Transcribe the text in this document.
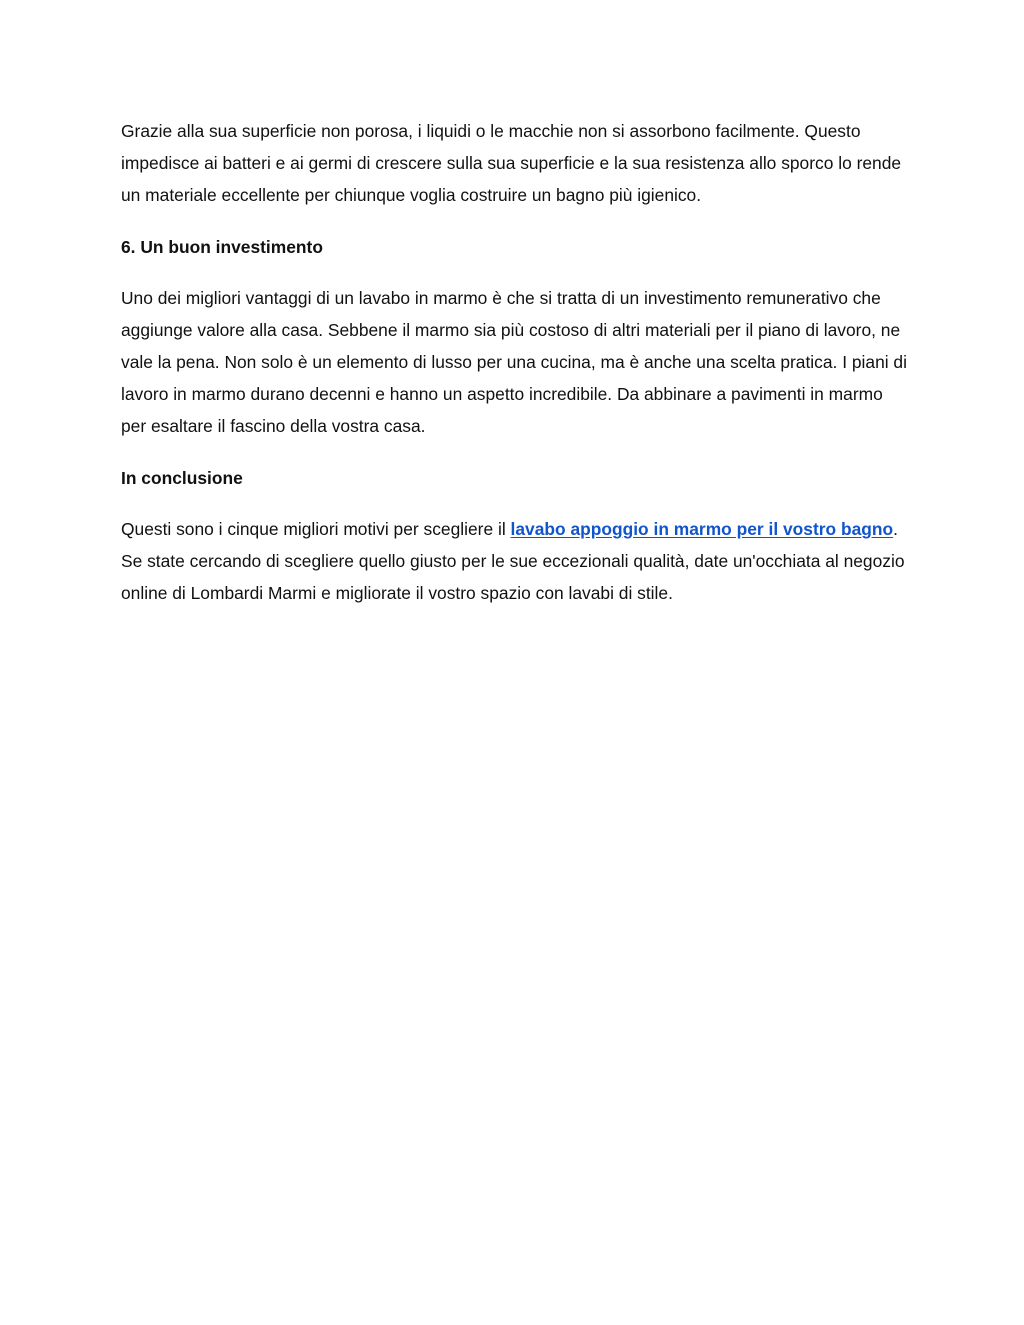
Grazie alla sua superficie non porosa, i liquidi o le macchie non si assorbono facilmente. Questo impedisce ai batteri e ai germi di crescere sulla sua superficie e la sua resistenza allo sporco lo rende un materiale eccellente per chiunque voglia costruire un bagno più igienico.

6. Un buon investimento

Uno dei migliori vantaggi di un lavabo in marmo è che si tratta di un investimento remunerativo che aggiunge valore alla casa. Sebbene il marmo sia più costoso di altri materiali per il piano di lavoro, ne vale la pena. Non solo è un elemento di lusso per una cucina, ma è anche una scelta pratica. I piani di lavoro in marmo durano decenni e hanno un aspetto incredibile. Da abbinare a pavimenti in marmo per esaltare il fascino della vostra casa.

In conclusione

Questi sono i cinque migliori motivi per scegliere il lavabo appoggio in marmo per il vostro bagno. Se state cercando di scegliere quello giusto per le sue eccezionali qualità, date un'occhiata al negozio online di Lombardi Marmi e migliorate il vostro spazio con lavabi di stile.
